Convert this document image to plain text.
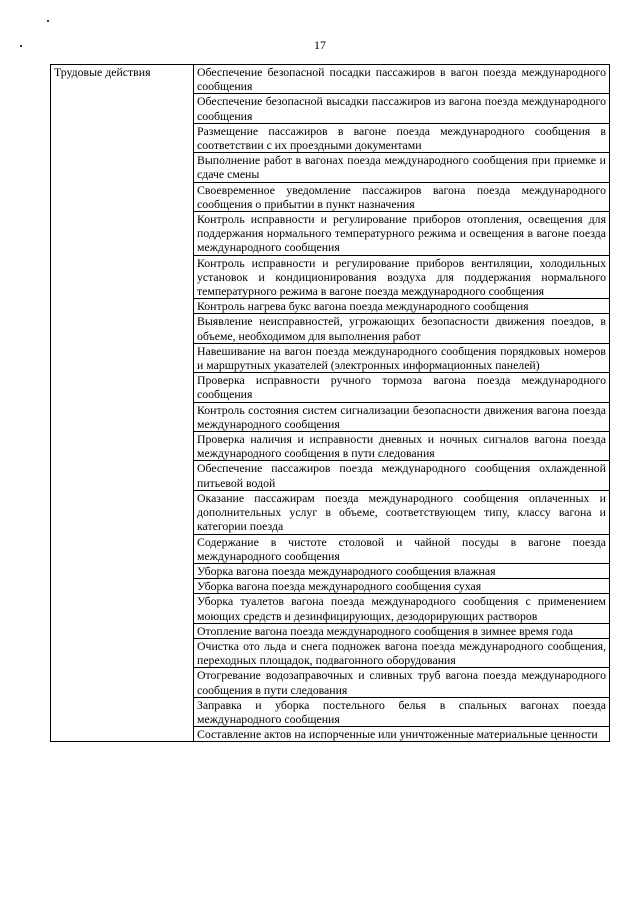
17
Трудовые действия	Обеспечение безопасной посадки пассажиров в вагон поезда международного сообщения
Обеспечение безопасной высадки пассажиров из вагона поезда международного сообщения
Размещение пассажиров в вагоне поезда международного сообщения в соответствии с их проездными документами
Выполнение работ в вагонах поезда международного сообщения при приемке и сдаче смены
Своевременное уведомление пассажиров вагона поезда международного сообщения о прибытии в пункт назначения
Контроль исправности и регулирование приборов отопления, освещения для поддержания нормального температурного режима и освещения в вагоне поезда международного сообщения
Контроль исправности и регулирование приборов вентиляции, холодильных установок и кондиционирования воздуха для поддержания нормального температурного режима в вагоне поезда международного сообщения
Контроль нагрева букс вагона поезда международного сообщения
Выявление неисправностей, угрожающих безопасности движения поездов, в объеме, необходимом для выполнения работ
Навешивание на вагон поезда международного сообщения порядковых номеров и маршрутных указателей (электронных информационных панелей)
Проверка исправности ручного тормоза вагона поезда международного сообщения
Контроль состояния систем сигнализации безопасности движения вагона поезда международного сообщения
Проверка наличия и исправности дневных и ночных сигналов вагона поезда международного сообщения в пути следования
Обеспечение пассажиров поезда международного сообщения охлажденной питьевой водой
Оказание пассажирам поезда международного сообщения оплаченных и дополнительных услуг в объеме, соответствующем типу, классу вагона и категории поезда
Содержание в чистоте столовой и чайной посуды в вагоне поезда международного сообщения
Уборка вагона поезда международного сообщения влажная
Уборка вагона поезда международного сообщения сухая
Уборка туалетов вагона поезда международного сообщения с применением моющих средств и дезинфицирующих, дезодорирующих растворов
Отопление вагона поезда международного сообщения в зимнее время года
Очистка ото льда и снега подножек вагона поезда международного сообщения, переходных площадок, подвагонного оборудования
Отогревание водозаправочных и сливных труб вагона поезда международного сообщения в пути следования
Заправка и уборка постельного белья в спальных вагонах поезда международного сообщения
Составление актов на испорченные или уничтоженные материальные ценности
